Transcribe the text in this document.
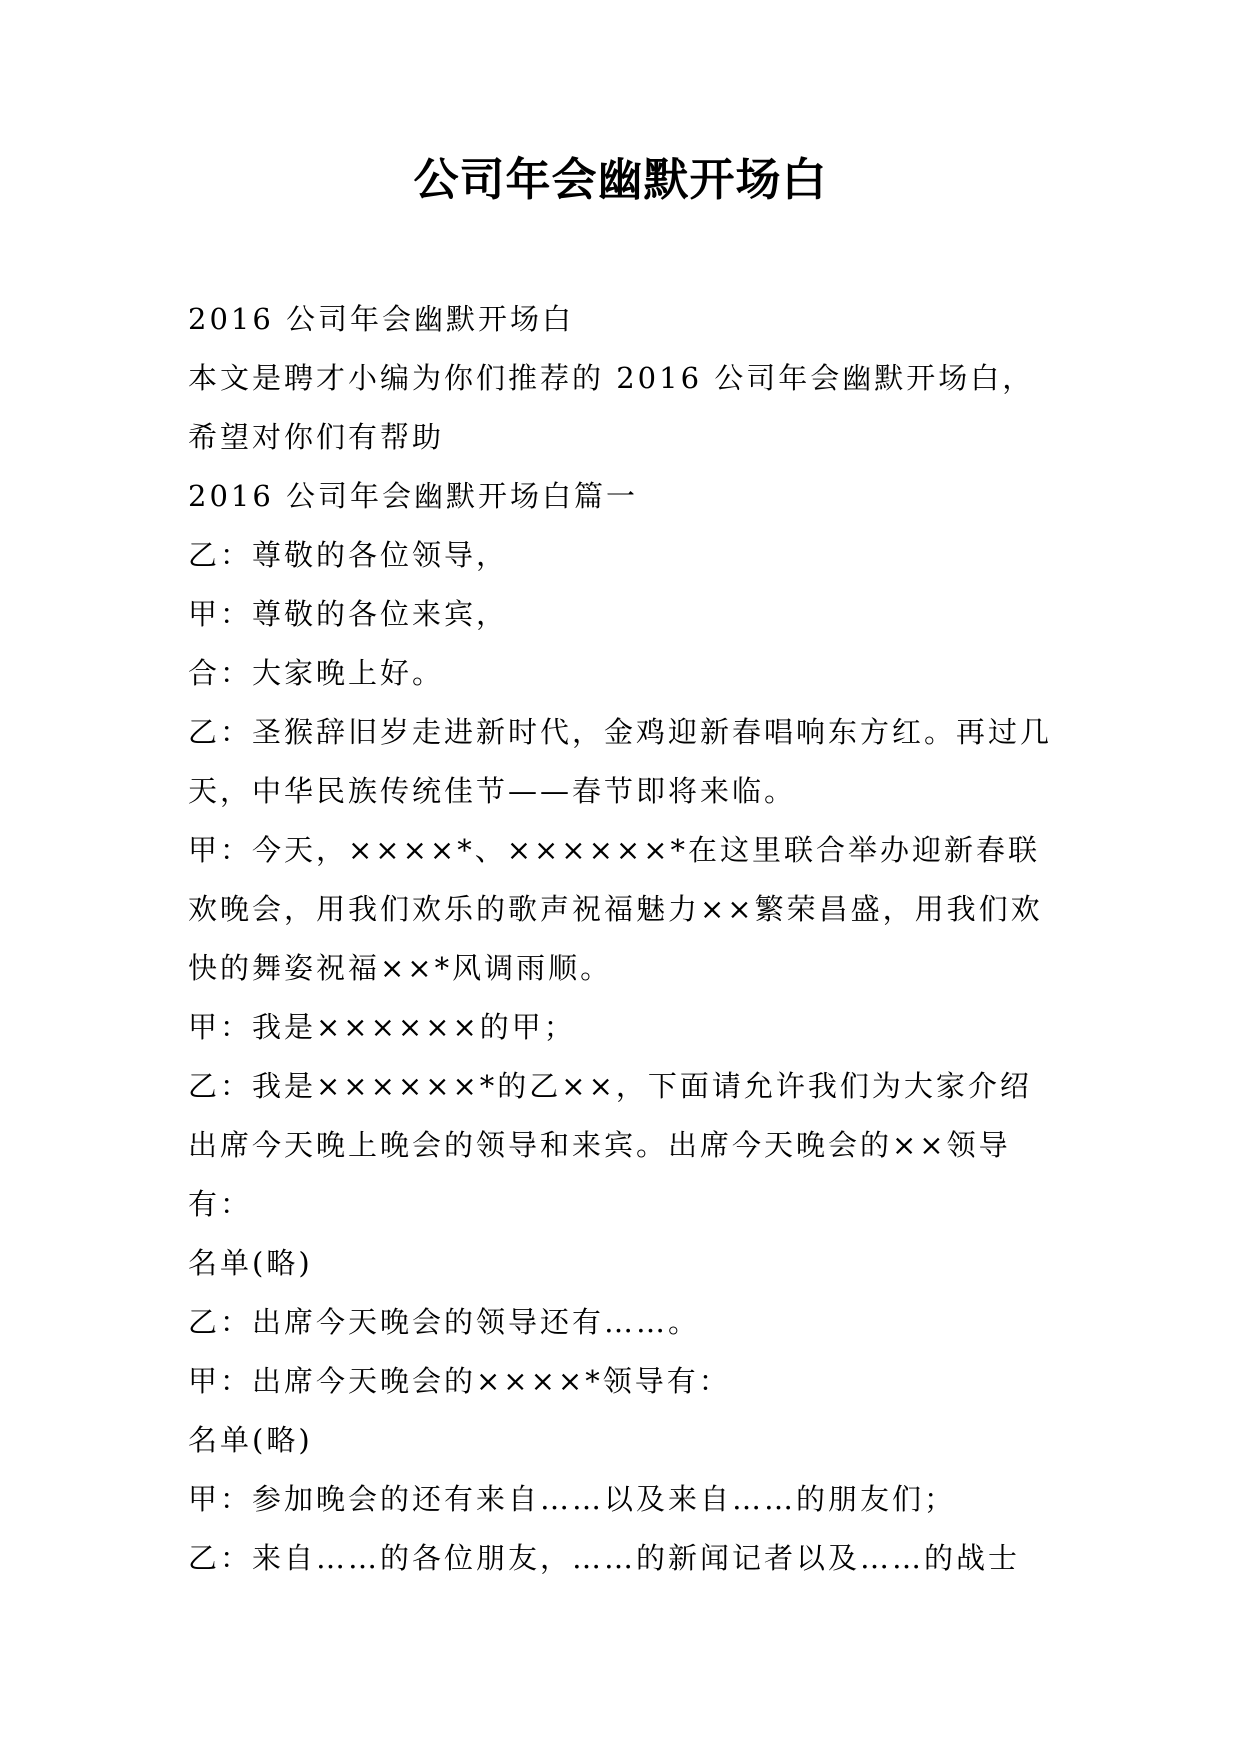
公司年会幽默开场白

2016 公司年会幽默开场白

本文是聘才小编为你们推荐的 2016 公司年会幽默开场白，希望对你们有帮助

2016 公司年会幽默开场白篇一

乙：尊敬的各位领导，

甲：尊敬的各位来宾，

合：大家晚上好。

乙：圣猴辞旧岁走进新时代，金鸡迎新春唱响东方红。再过几天，中华民族传统佳节——春节即将来临。

甲：今天，××××*、××××××*在这里联合举办迎新春联欢晚会，用我们欢乐的歌声祝福魅力××繁荣昌盛，用我们欢快的舞姿祝福××*风调雨顺。

甲：我是××××××的甲；

乙：我是××××××*的乙××，下面请允许我们为大家介绍出席今天晚上晚会的领导和来宾。出席今天晚会的××领导有：

名单(略)

乙：出席今天晚会的领导还有……。

甲：出席今天晚会的××××*领导有：

名单(略)

甲：参加晚会的还有来自……以及来自……的朋友们；

乙：来自……的各位朋友，……的新闻记者以及……的战士
